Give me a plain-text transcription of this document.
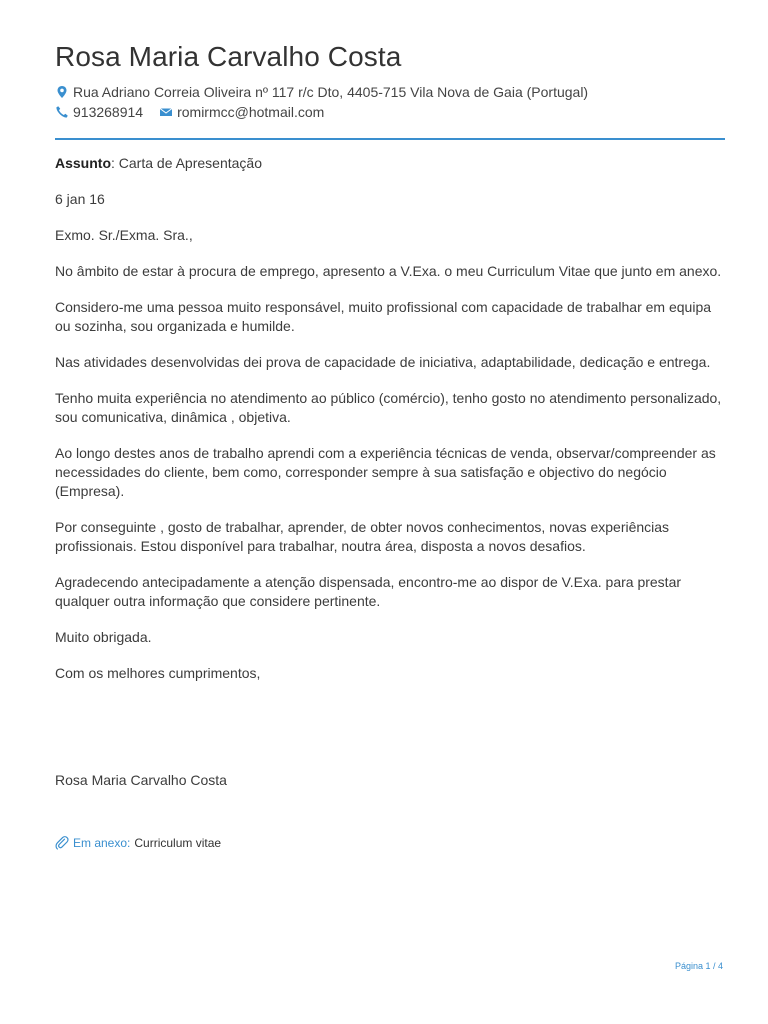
Rosa Maria Carvalho Costa
Rua Adriano Correia Oliveira nº 117 r/c Dto, 4405-715 Vila Nova de Gaia (Portugal)
913268914 romirmcc@hotmail.com

Assunto: Carta de Apresentação

6 jan 16

Exmo. Sr./Exma. Sra.,

No âmbito de estar à procura de emprego, apresento a V.Exa. o meu Curriculum Vitae que junto em anexo.

Considero-me uma pessoa muito responsável, muito profissional com capacidade de trabalhar em equipa ou sozinha, sou organizada e humilde.

Nas atividades desenvolvidas dei prova de capacidade de iniciativa, adaptabilidade, dedicação e entrega.

Tenho muita experiência no atendimento ao público (comércio), tenho gosto no atendimento personalizado, sou comunicativa, dinâmica , objetiva.

Ao longo destes anos de trabalho aprendi com a experiência técnicas de venda, observar/compreender as necessidades do cliente, bem como, corresponder sempre à sua satisfação e objectivo do negócio (Empresa).

Por conseguinte , gosto de trabalhar, aprender, de obter novos conhecimentos, novas experiências profissionais. Estou disponível para trabalhar, noutra área, disposta a novos desafios.

Agradecendo antecipadamente a atenção dispensada, encontro-me ao dispor de V.Exa. para prestar qualquer outra informação que considere pertinente.

Muito obrigada.

Com os melhores cumprimentos,

Rosa Maria Carvalho Costa
Em anexo: Curriculum vitae
Página 1 / 4
